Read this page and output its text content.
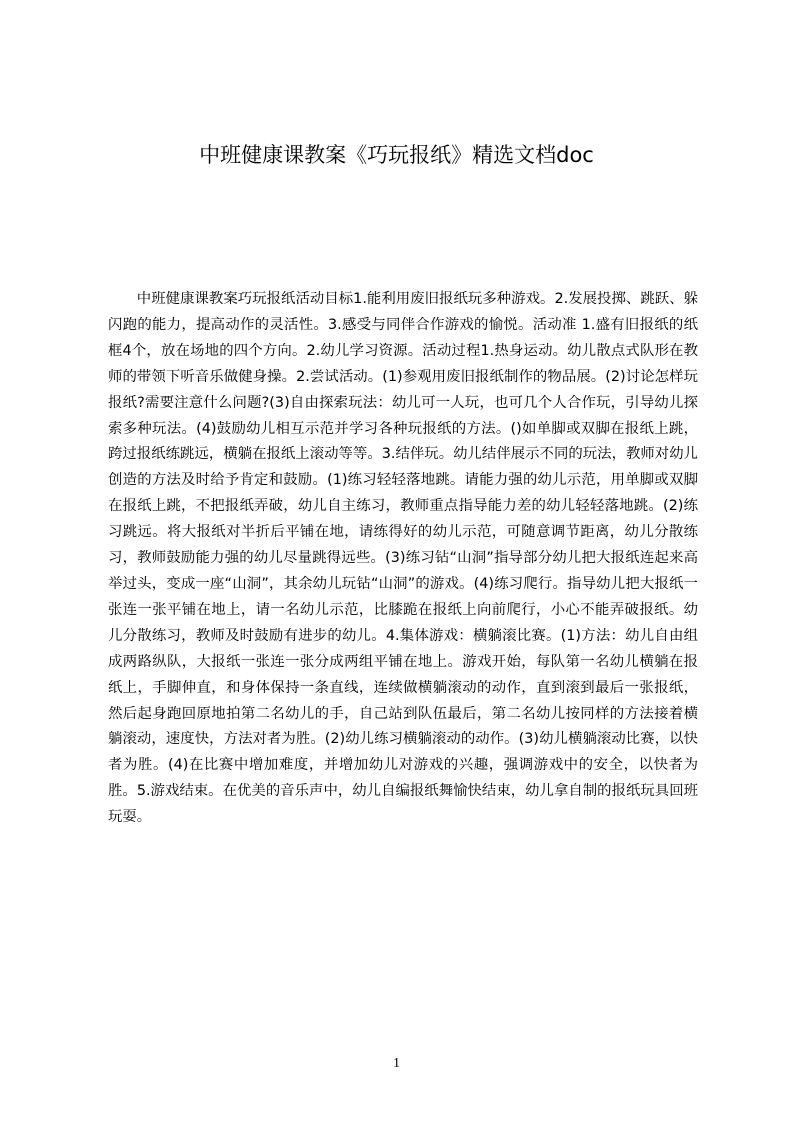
中班健康课教案《巧玩报纸》精选文档doc

中班健康课教案巧玩报纸活动目标1.能利用废旧报纸玩多种游戏。2.发展投掷、跳跃、躲闪跑的能力，提高动作的灵活性。3.感受与同伴合作游戏的愉悦。活动准 1.盛有旧报纸的纸框4个，放在场地的四个方向。2.幼儿学习资源。活动过程1.热身运动。幼儿散点式队形在教师的带领下听音乐做健身操。2.尝试活动。(1)参观用废旧报纸制作的物品展。(2)讨论怎样玩报纸?需要注意什么问题?(3)自由探索玩法：幼儿可一人玩，也可几个人合作玩，引导幼儿探索多种玩法。(4)鼓励幼儿相互示范并学习各种玩报纸的方法。()如单脚或双脚在报纸上跳，跨过报纸练跳远，横躺在报纸上滚动等等。3.结伴玩。幼儿结伴展示不同的玩法，教师对幼儿创造的方法及时给予肯定和鼓励。(1)练习轻轻落地跳。请能力强的幼儿示范，用单脚或双脚在报纸上跳，不把报纸弄破，幼儿自主练习，教师重点指导能力差的幼儿轻轻落地跳。(2)练习跳远。将大报纸对半折后平铺在地，请练得好的幼儿示范，可随意调节距离，幼儿分散练习，教师鼓励能力强的幼儿尽量跳得远些。(3)练习钻“山洞”指导部分幼儿把大报纸连起来高举过头，变成一座“山洞”，其余幼儿玩钻“山洞”的游戏。(4)练习爬行。指导幼儿把大报纸一张连一张平铺在地上，请一名幼儿示范，比膝跪在报纸上向前爬行，小心不能弄破报纸。幼儿分散练习，教师及时鼓励有进步的幼儿。4.集体游戏：横躺滚比赛。(1)方法：幼儿自由组成两路纵队，大报纸一张连一张分成两组平铺在地上。游戏开始，每队第一名幼儿横躺在报纸上，手脚伸直，和身体保持一条直线，连续做横躺滚动的动作，直到滚到最后一张报纸，然后起身跑回原地拍第二名幼儿的手，自己站到队伍最后，第二名幼儿按同样的方法接着横躺滚动，速度快，方法对者为胜。(2)幼儿练习横躺滚动的动作。(3)幼儿横躺滚动比赛，以快者为胜。(4)在比赛中增加难度，并增加幼儿对游戏的兴趣，强调游戏中的安全，以快者为胜。5.游戏结束。在优美的音乐声中，幼儿自编报纸舞愉快结束，幼儿拿自制的报纸玩具回班玩耍。

1
